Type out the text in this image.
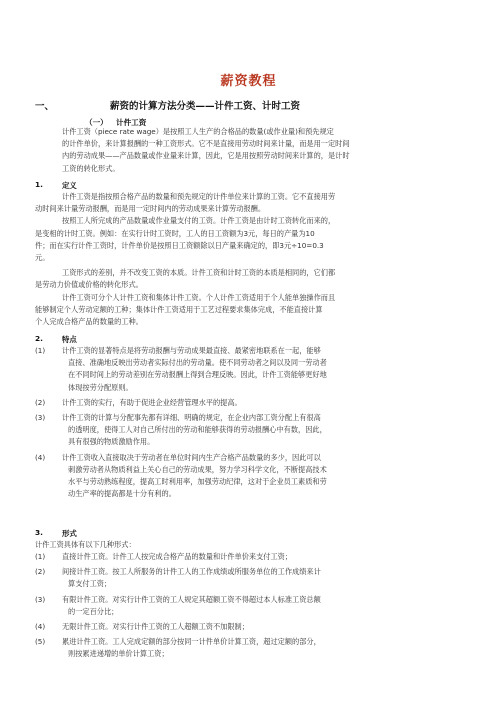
薪资教程
一、	薪资的计算方法分类——计件工资、计时工资
（一） 计件工资
计件工资（piece rate wage）是按照工人生产的合格品的数量(或作业量)和预先规定
的计件单价，来计算报酬的一种工资形式。它不是直接用劳动时间来计量，而是用一定时间
内的劳动成果——产品数量或作业量来计算，因此，它是用按照劳动时间来计算的，是计时
工资的转化形式。
1.	定义
计件工资是指按照合格产品的数量和预先规定的计件单位来计算的工资。它不直接用劳
动时间来计量劳动报酬，而是用一定时间内的劳动成果来计算劳动报酬。
按照工人所完成的产品数量或作业量支付的工资。计件工资是由计时工资转化而来的，
是变相的计时工资。例如：在实行计时工资时，工人的日工资额为3元，每日的产量为10
件；而在实行计件工资时，计件单价是按照日工资额除以日产量来确定的，即3元÷10=0.3
元。
工资形式的差别，并不改变工资的本质。计件工资和计时工资的本质是相同的，它们都
是劳动力价值或价格的转化形式。
计件工资可分个人计件工资和集体计件工资。个人计件工资适用于个人能单独操作而且
能够制定个人劳动定额的工种；集体计件工资适用于工艺过程要求集体完成，不能直接计算
个人完成合格产品的数量的工种。
2.	特点
(1) 计件工资的显著特点是将劳动报酬与劳动成果最直接、最紧密地联系在一起，能够
直接、准确地反映出劳动者实际付出的劳动量。使不同劳动者之间以及同一劳动者
在不同时间上的劳动差别在劳动报酬上得到合理反映。因此，计件工资能够更好地
体现按劳分配原则。
(2) 计件工资的实行，有助于促进企业经营管理水平的提高。
(3) 计件工资的计算与分配事先都有详细、明确的规定，在企业内部工资分配上有很高
的透明度，使得工人对自己所付出的劳动和能够获得的劳动报酬心中有数，因此，
具有很强的物质激励作用。
(4) 计件工资收入直接取决于劳动者在单位时间内生产合格产品数量的多少，因此可以
刺激劳动者从物质利益上关心自己的劳动成果，努力学习科学文化，不断提高技术
水平与劳动熟练程度，提高工时利用率，加强劳动纪律，这对于企业员工素质和劳
动生产率的提高都是十分有利的。
3.	形式
计件工资具体有以下几种形式：
(1) 直接计件工资。计件工人按完成合格产品的数量和计件单价来支付工资；
(2) 间接计件工资。按工人所服务的计件工人的工作成绩或所服务单位的工作成绩来计
算支付工资；
(3) 有限计件工资。对实行计件工资的工人规定其超额工资不得超过本人标准工资总额
的一定百分比；
(4) 无限计件工资。对实行计件工资的工人超额工资不加限制；
(5) 累进计件工资。工人完成定额的部分按同一计件单价计算工资，超过定额的部分，
则按累进递增的单价计算工资；
